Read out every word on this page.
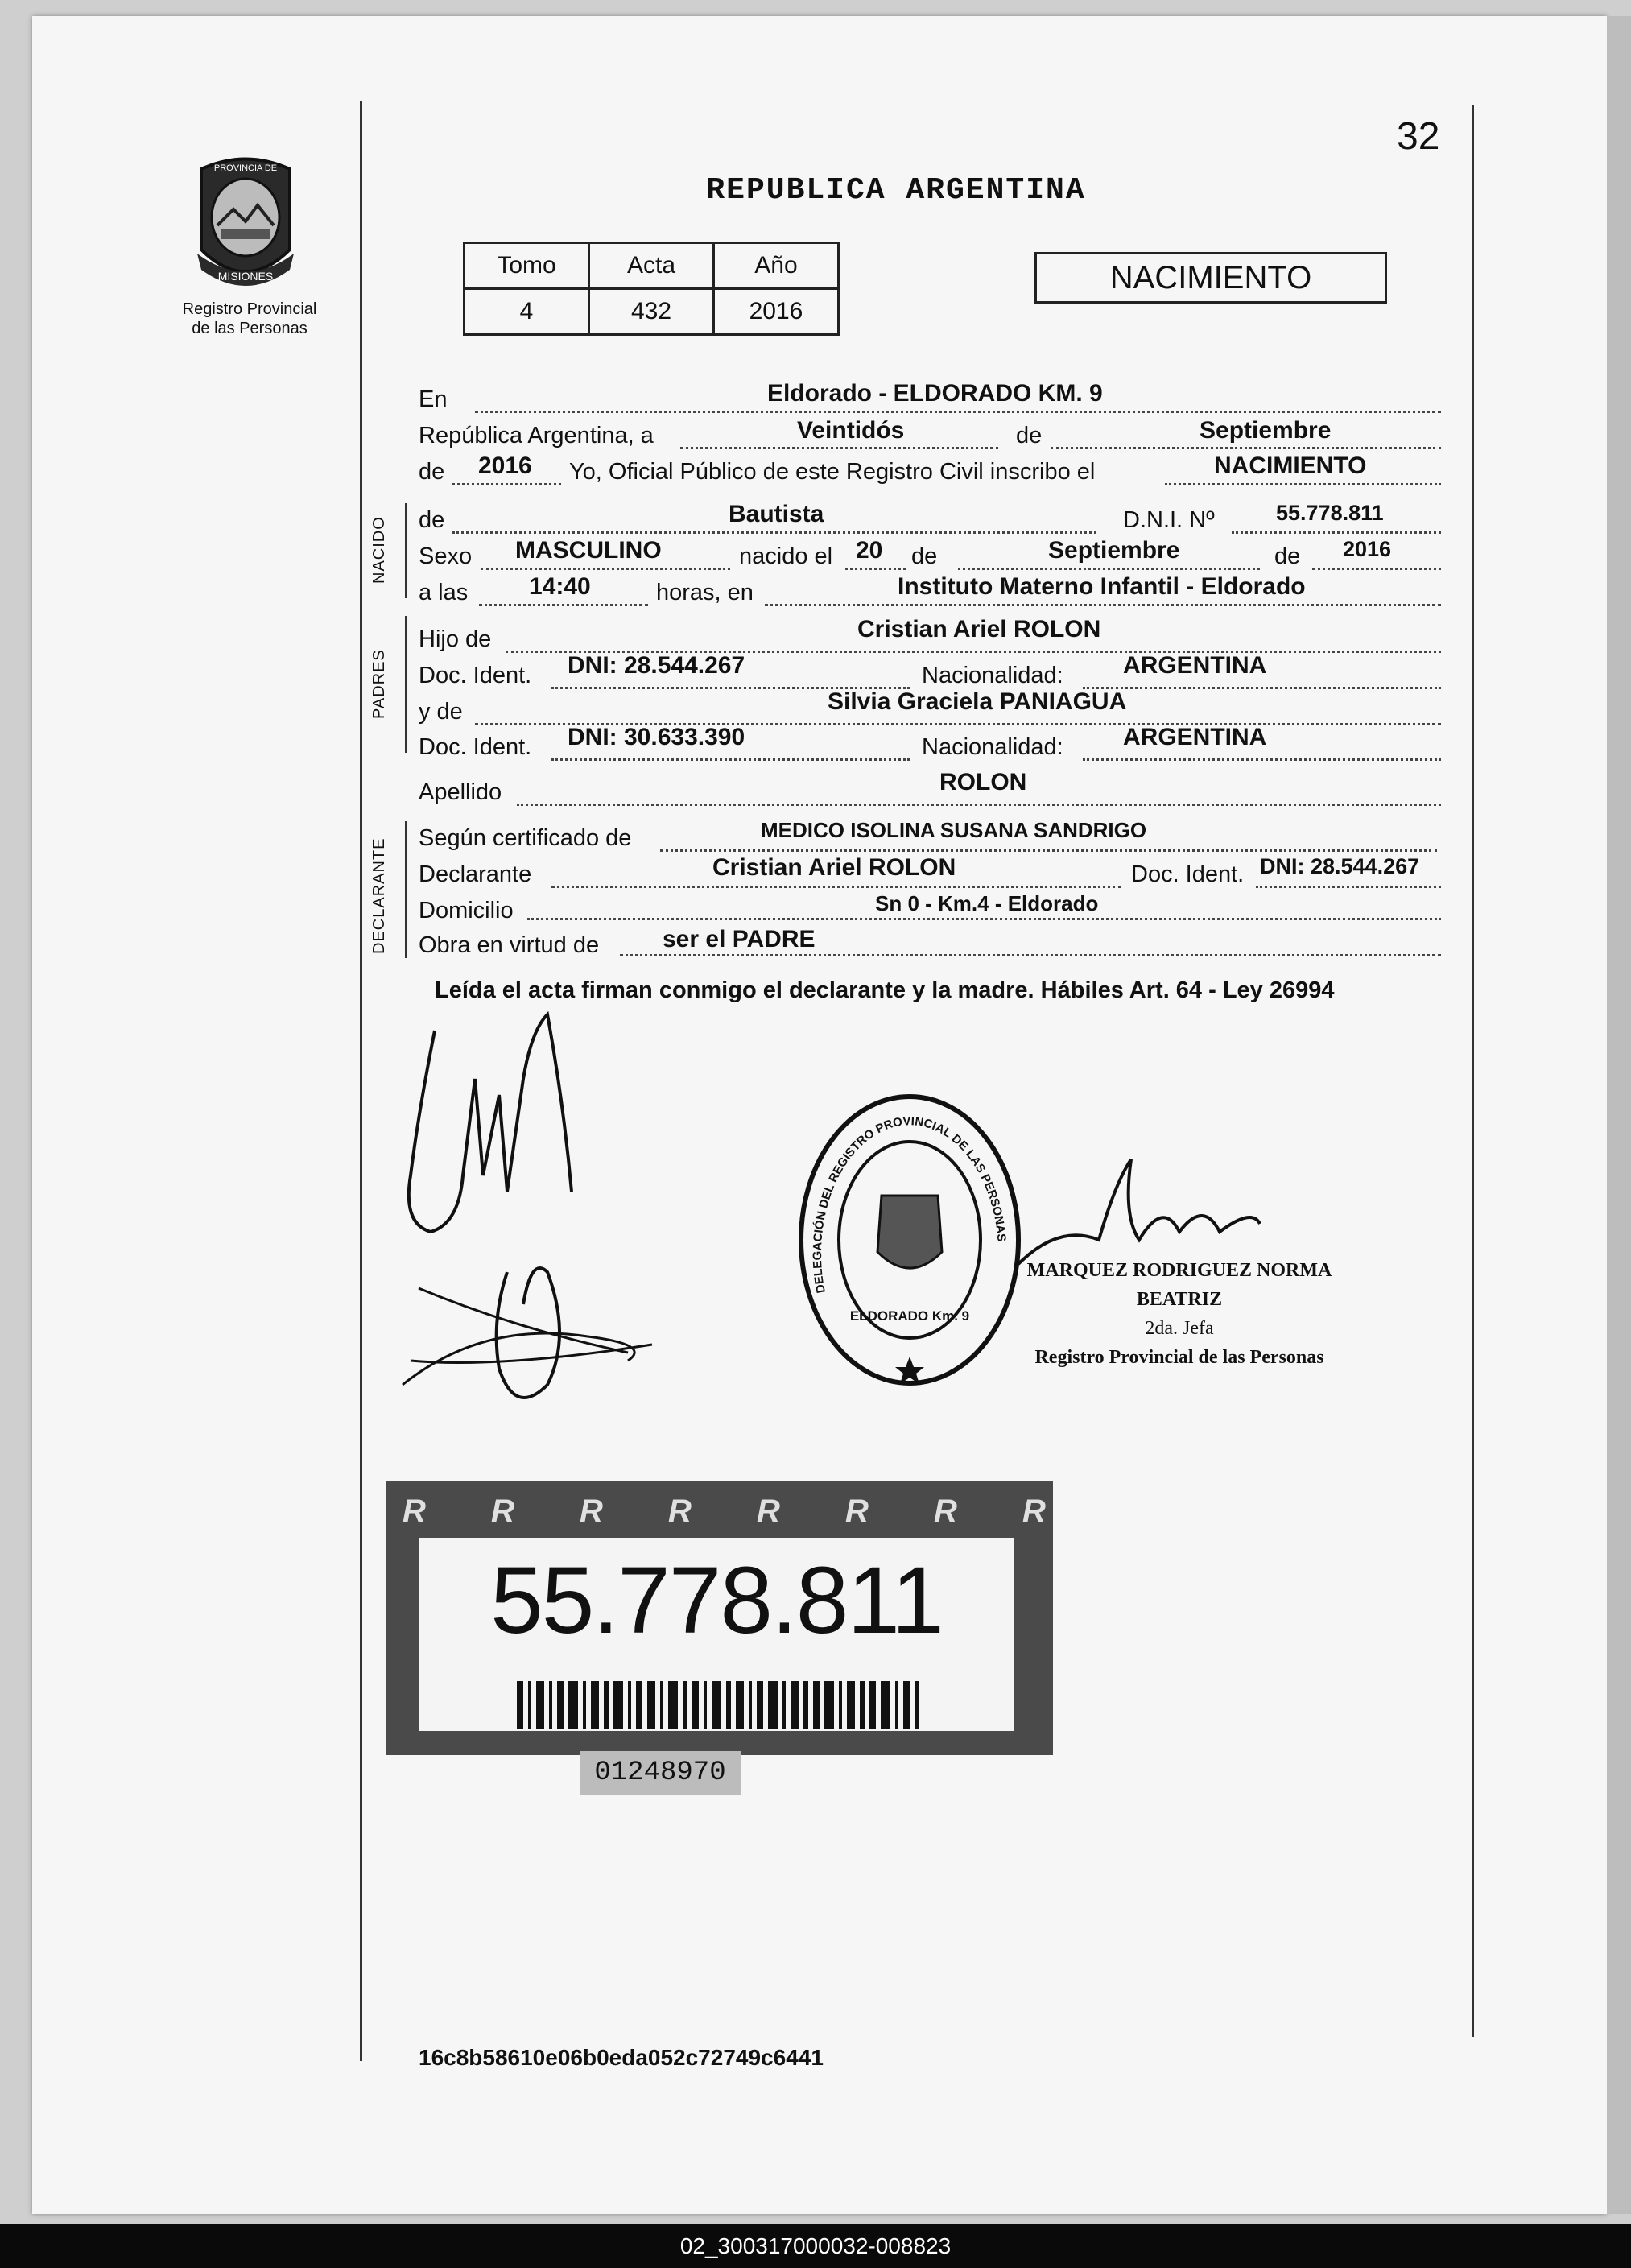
32
PROVINCIA DE
MISIONES
Registro Provincial
de las Personas
REPUBLICA ARGENTINA
Tomo	Acta	Año
4	432	2016
NACIMIENTO
En	Eldorado - ELDORADO KM. 9
República Argentina, a	Veintidós	de	Septiembre
de 2016 Yo, Oficial Público de este Registro Civil inscribo el	NACIMIENTO
NACIDO de	Bautista	D.N.I. Nº	55.778.811
Sexo MASCULINO	nacido el 20 de	Septiembre	de 2016
a las	14:40	horas, en	Instituto Materno Infantil - Eldorado
Hijo de	Cristian Ariel ROLON
Doc. Ident. DNI: 28.544.267	Nacionalidad: ARGENTINA
y de	Silvia Graciela PANIAGUA
Doc. Ident. DNI: 30.633.390	Nacionalidad: ARGENTINA
Apellido	ROLON
Según certificado de	MEDICO ISOLINA SUSANA SANDRIGO
Declarante	Cristian Ariel ROLON	Doc. Ident. DNI: 28.544.267
Domicilio	Sn 0 - Km.4 - Eldorado
Obra en virtud de	ser el PADRE
Leída el acta firman conmigo el declarante y la madre. Hábiles Art. 64 - Ley 26994
DELEGACIÓN DEL REGISTRO PROVINCIAL DE LAS PERSONAS
ELDORADO Km. 9
MARQUEZ RODRIGUEZ NORMA BEATRIZ
2da. Jefa
Registro Provincial de las Personas
R R R R R R R R
55.778.811
01248970
16c8b58610e06b0eda052c72749c6441
02_300317000032-008823
